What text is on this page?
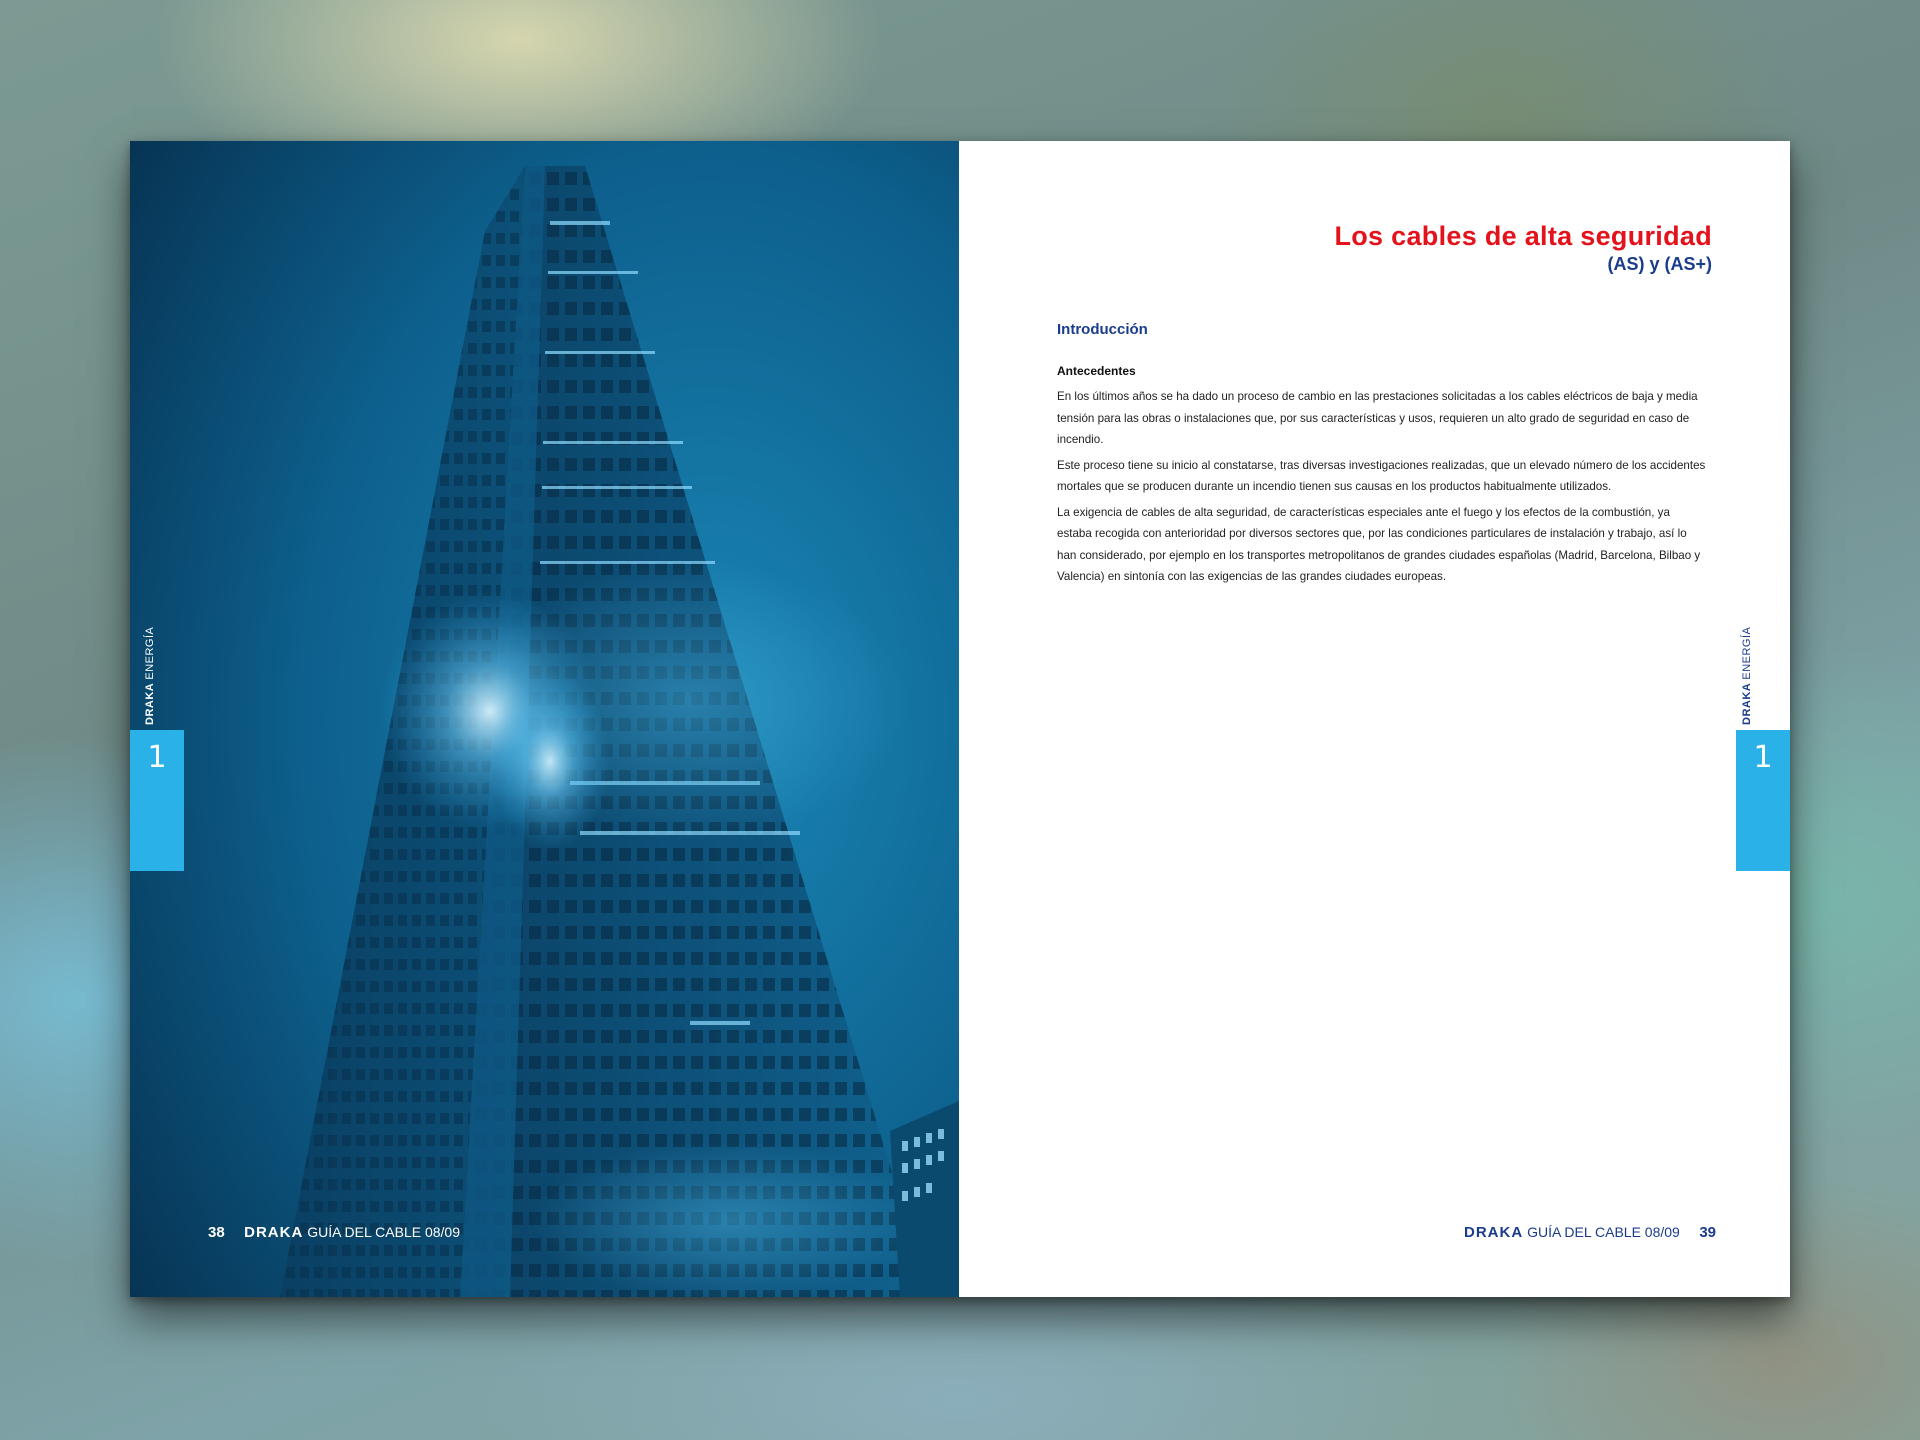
DRAKA ENERGÍA
1
38 DRAKA GUÍA DEL CABLE 08/09
Los cables de alta seguridad
(AS) y (AS+)

Introducción

Antecedentes

En los últimos años se ha dado un proceso de cambio en las prestaciones solicitadas a los cables eléctricos de baja y media tensión para las obras o instalaciones que, por sus características y usos, requieren un alto grado de seguridad en caso de incendio.

Este proceso tiene su inicio al constatarse, tras diversas investigaciones realizadas, que un elevado número de los accidentes mortales que se producen durante un incendio tienen sus causas en los productos habitualmente utilizados.

La exigencia de cables de alta seguridad, de características especiales ante el fuego y los efectos de la combustión, ya estaba recogida con anterioridad por diversos sectores que, por las condiciones particulares de instalación y trabajo, así lo han considerado, por ejemplo en los transportes metropolitanos de grandes ciudades españolas (Madrid, Barcelona, Bilbao y Valencia) en sintonía con las exigencias de las grandes ciudades europeas.

DRAKA ENERGÍA
1
DRAKA GUÍA DEL CABLE 08/09 39
